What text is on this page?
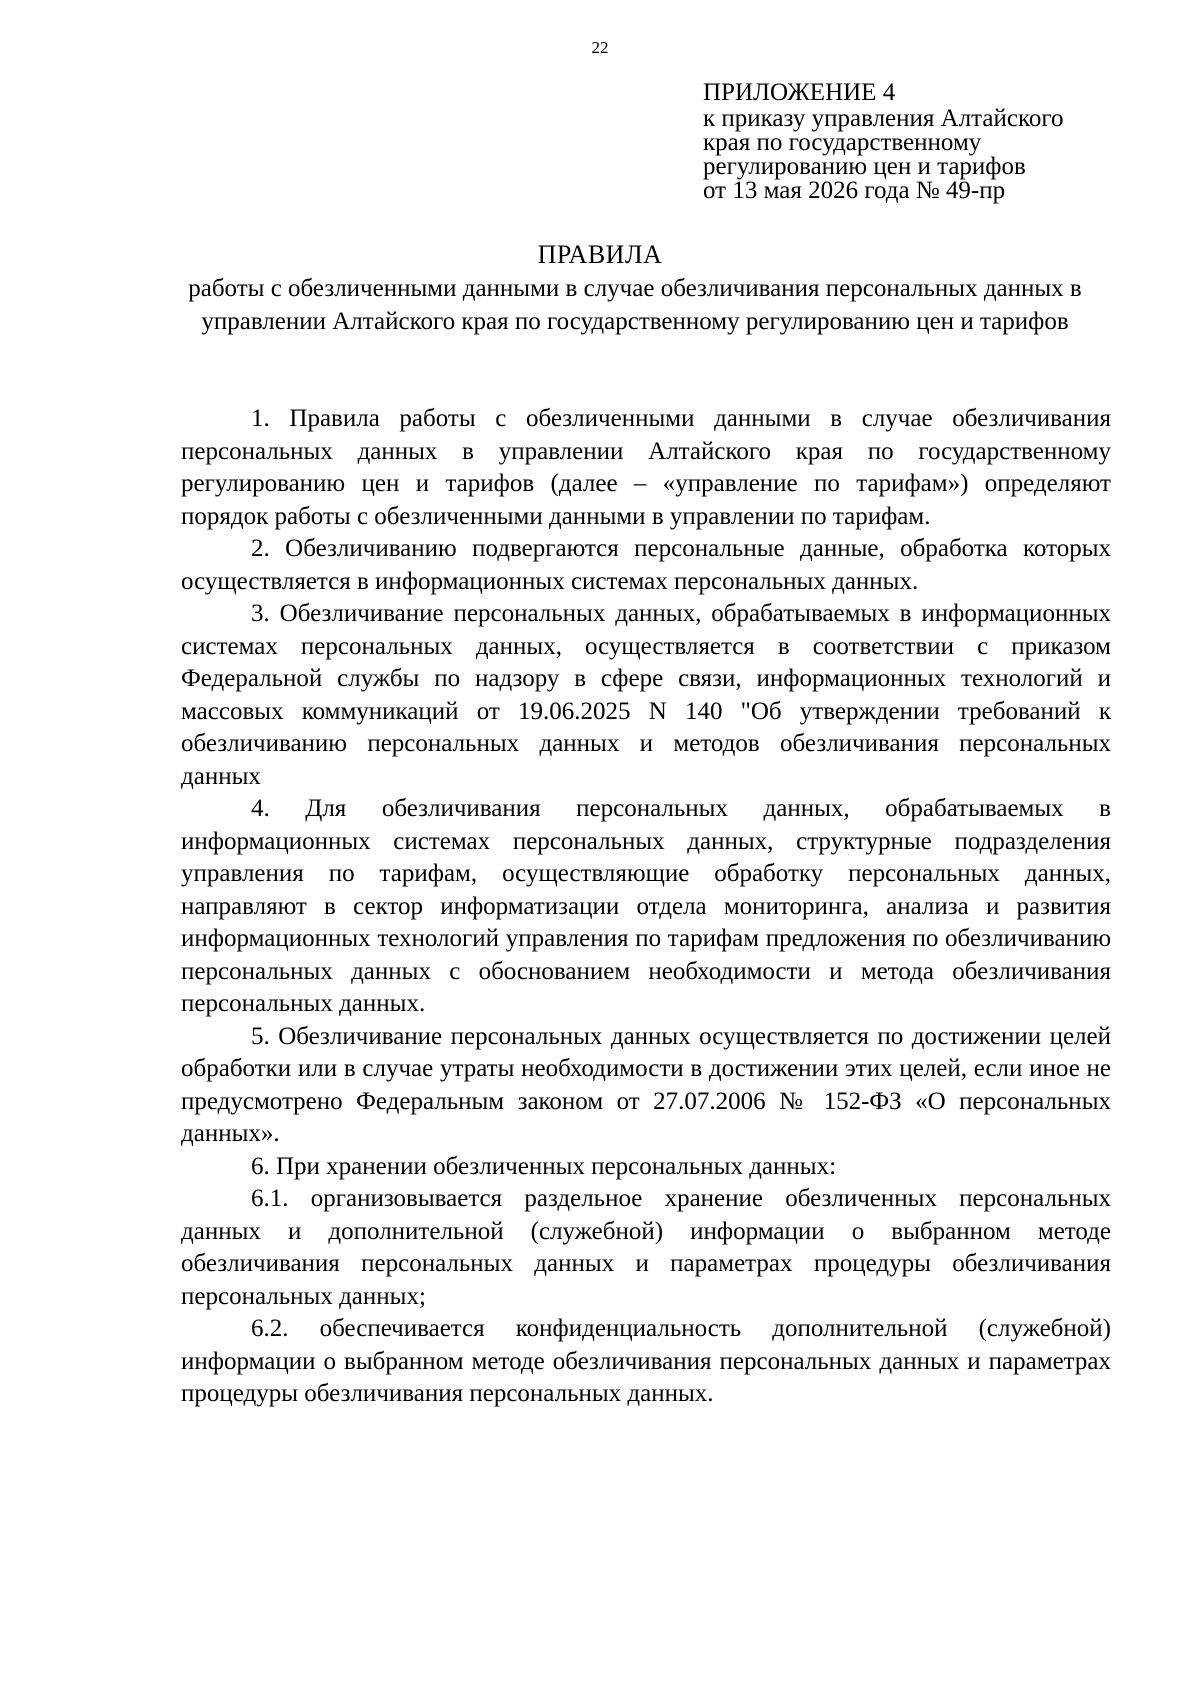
22
ПРИЛОЖЕНИЕ 4
к приказу управления Алтайского
края по государственному
регулированию цен и тарифов
от 13 мая 2026 года № 49-пр
ПРАВИЛА
работы с обезличенными данными в случае обезличивания персональных данных в управлении Алтайского края по государственному регулированию цен и тарифов

1. Правила работы с обезличенными данными в случае обезличивания персональных данных в управлении Алтайского края по государственному регулированию цен и тарифов (далее – «управление по тарифам») определяют порядок работы с обезличенными данными в управлении по тарифам.

2. Обезличиванию подвергаются персональные данные, обработка которых осуществляется в информационных системах персональных данных.

3. Обезличивание персональных данных, обрабатываемых в информационных системах персональных данных, осуществляется в соответствии с приказом Федеральной службы по надзору в сфере связи, информационных технологий и массовых коммуникаций от 19.06.2025 N 140 "Об утверждении требований к обезличиванию персональных данных и методов обезличивания персональных данных

4. Для обезличивания персональных данных, обрабатываемых в информационных системах персональных данных, структурные подразделения управления по тарифам, осуществляющие обработку персональных данных, направляют в сектор информатизации отдела мониторинга, анализа и развития информационных технологий управления по тарифам предложения по обезличиванию персональных данных с обоснованием необходимости и метода обезличивания персональных данных.

5. Обезличивание персональных данных осуществляется по достижении целей обработки или в случае утраты необходимости в достижении этих целей, если иное не предусмотрено Федеральным законом от 27.07.2006 № 152-ФЗ «О персональных данных».

6. При хранении обезличенных персональных данных:

6.1. организовывается раздельное хранение обезличенных персональных данных и дополнительной (служебной) информации о выбранном методе обезличивания персональных данных и параметрах процедуры обезличивания персональных данных;

6.2. обеспечивается конфиденциальность дополнительной (служебной) информации о выбранном методе обезличивания персональных данных и параметрах процедуры обезличивания персональных данных.
